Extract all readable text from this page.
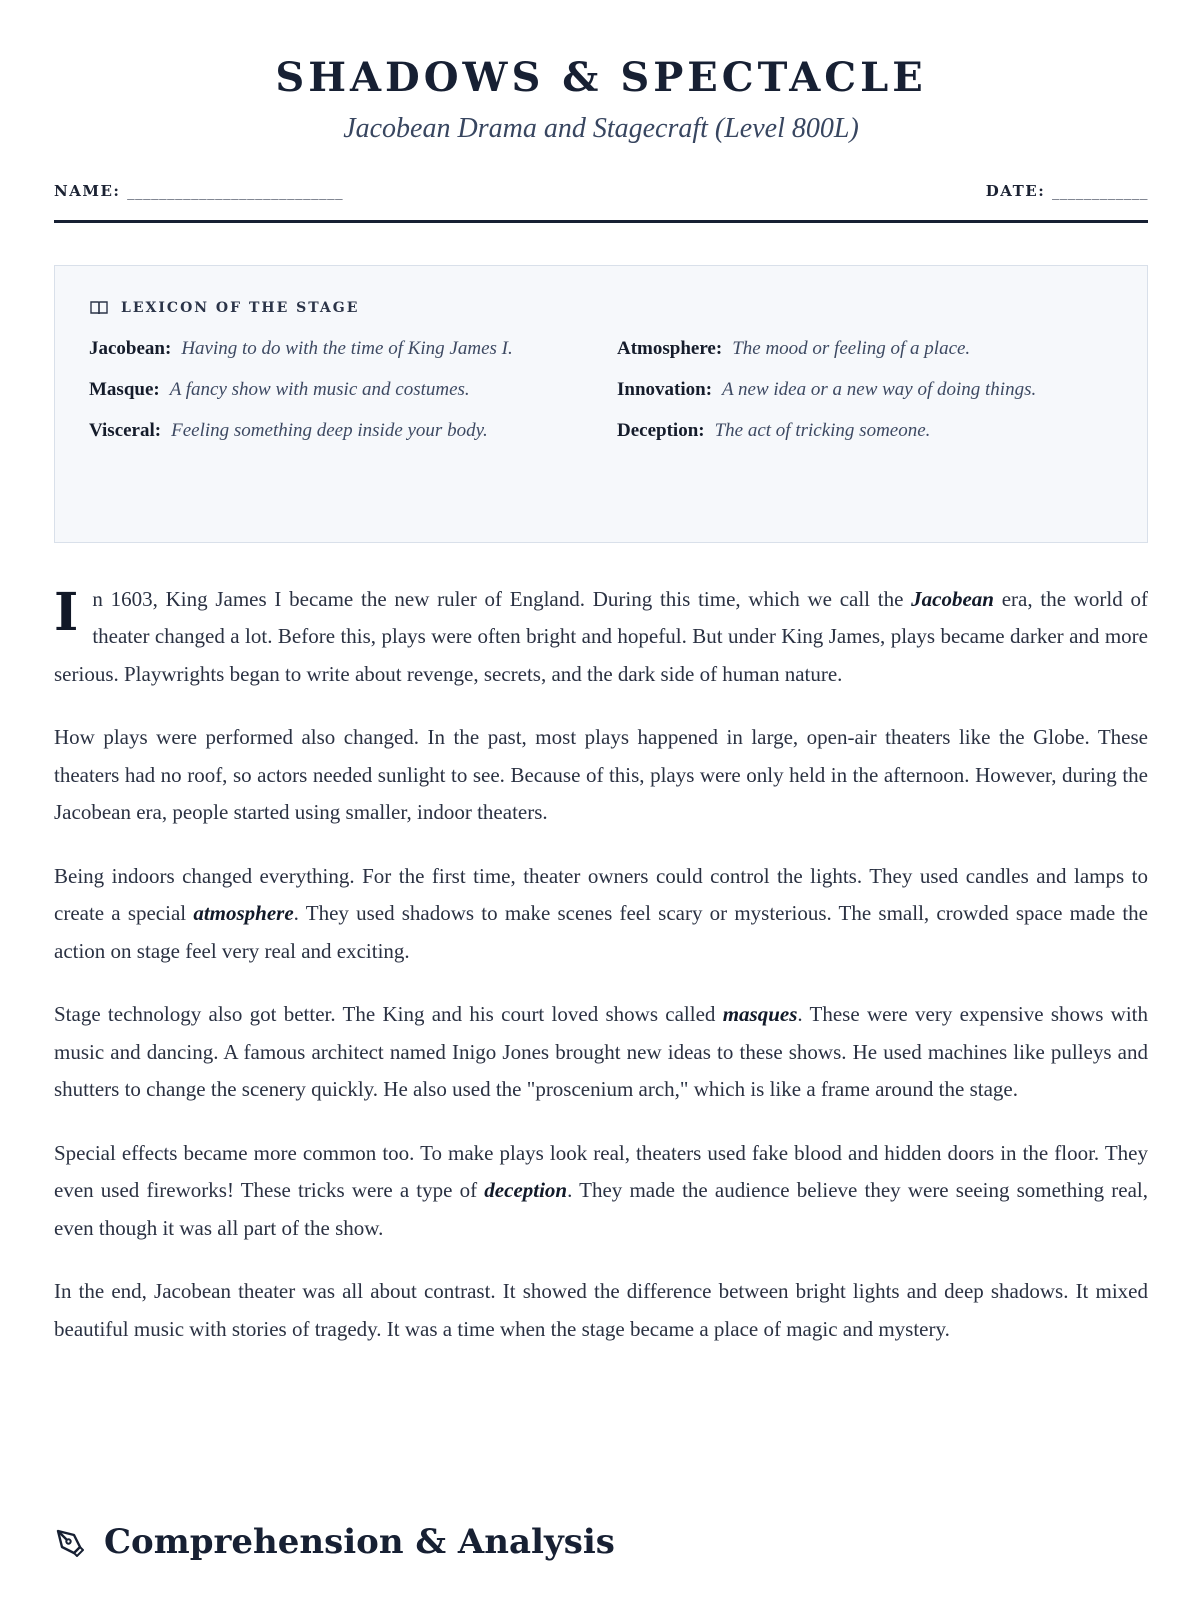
SHADOWS & SPECTACLE
Jacobean Drama and Stagecraft (Level 800L)
NAME: ___________________________	DATE: ____________
LEXICON OF THE STAGE
Jacobean: Having to do with the time of King James I.	Atmosphere: The mood or feeling of a place.
Masque: A fancy show with music and costumes.	Innovation: A new idea or a new way of doing things.
Visceral: Feeling something deep inside your body.	Deception: The act of tricking someone.

In 1603, King James I became the new ruler of England. During this time, which we call the Jacobean era, the world of theater changed a lot. Before this, plays were often bright and hopeful. But under King James, plays became darker and more serious. Playwrights began to write about revenge, secrets, and the dark side of human nature.

How plays were performed also changed. In the past, most plays happened in large, open-air theaters like the Globe. These theaters had no roof, so actors needed sunlight to see. Because of this, plays were only held in the afternoon. However, during the Jacobean era, people started using smaller, indoor theaters.

Being indoors changed everything. For the first time, theater owners could control the lights. They used candles and lamps to create a special atmosphere. They used shadows to make scenes feel scary or mysterious. The small, crowded space made the action on stage feel very real and exciting.

Stage technology also got better. The King and his court loved shows called masques. These were very expensive shows with music and dancing. A famous architect named Inigo Jones brought new ideas to these shows. He used machines like pulleys and shutters to change the scenery quickly. He also used the "proscenium arch," which is like a frame around the stage.

Special effects became more common too. To make plays look real, theaters used fake blood and hidden doors in the floor. They even used fireworks! These tricks were a type of deception. They made the audience believe they were seeing something real, even though it was all part of the show.

In the end, Jacobean theater was all about contrast. It showed the difference between bright lights and deep shadows. It mixed beautiful music with stories of tragedy. It was a time when the stage became a place of magic and mystery.

Comprehension & Analysis
